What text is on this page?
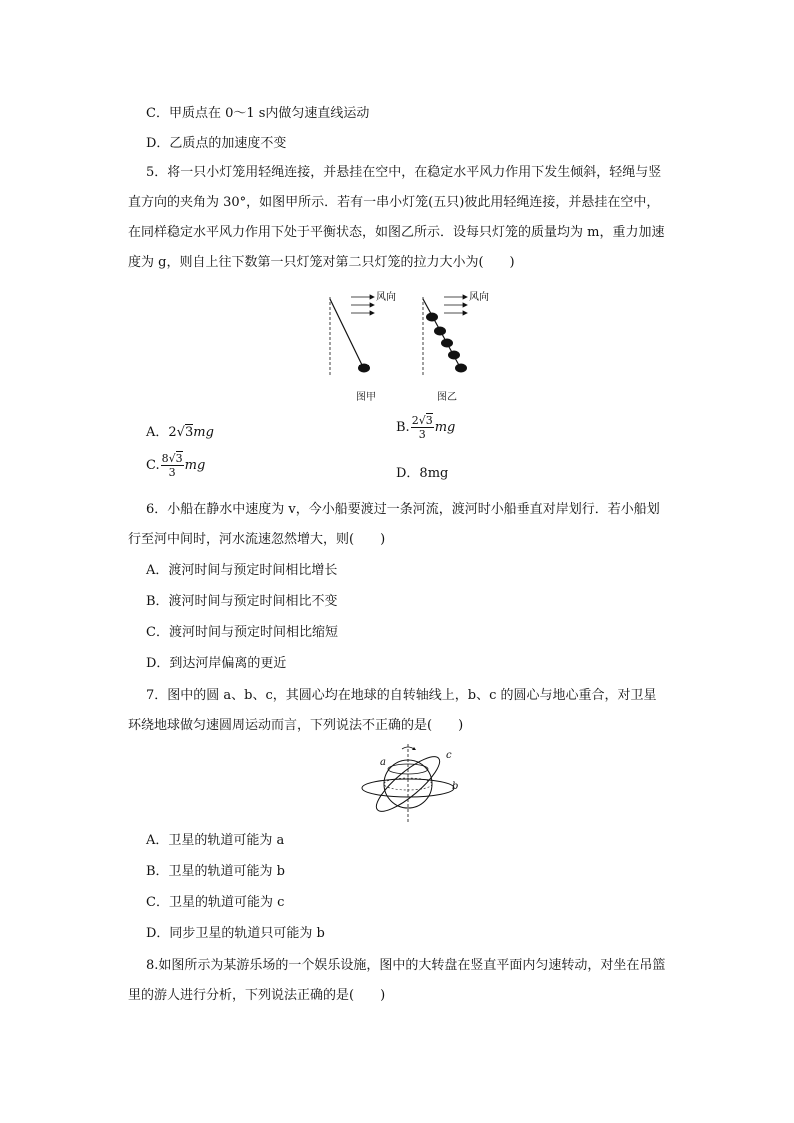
C．甲质点在 0～1 s内做匀速直线运动
D．乙质点的加速度不变
5．将一只小灯笼用轻绳连接，并悬挂在空中，在稳定水平风力作用下发生倾斜，轻绳与竖直方向的夹角为 30°，如图甲所示．若有一串小灯笼(五只)彼此用轻绳连接，并悬挂在空中，在同样稳定水平风力作用下处于平衡状态，如图乙所示．设每只灯笼的质量均为 m，重力加速度为 g，则自上往下数第一只灯笼对第二只灯笼的拉力大小为(　　)
风向	风向
图甲	图乙
A．2√3mg	B. $\frac{2√3}{3}$ mg
C. $\frac{8√3}{3}$ mg
D．8mg
6．小船在静水中速度为 v，今小船要渡过一条河流，渡河时小船垂直对岸划行．若小船划行至河中间时，河水流速忽然增大，则(　　)
A．渡河时间与预定时间相比增长
B．渡河时间与预定时间相比不变
C．渡河时间与预定时间相比缩短
D．到达河岸偏离的更近
7．图中的圆 a、b、c，其圆心均在地球的自转轴线上，b、c 的圆心与地心重合，对卫星环绕地球做匀速圆周运动而言，下列说法不正确的是(　　)
a
b
c
A．卫星的轨道可能为 a
B．卫星的轨道可能为 b
C．卫星的轨道可能为 c
D．同步卫星的轨道只可能为 b
8.如图所示为某游乐场的一个娱乐设施，图中的大转盘在竖直平面内匀速转动，对坐在吊篮里的游人进行分析，下列说法正确的是(　　)
